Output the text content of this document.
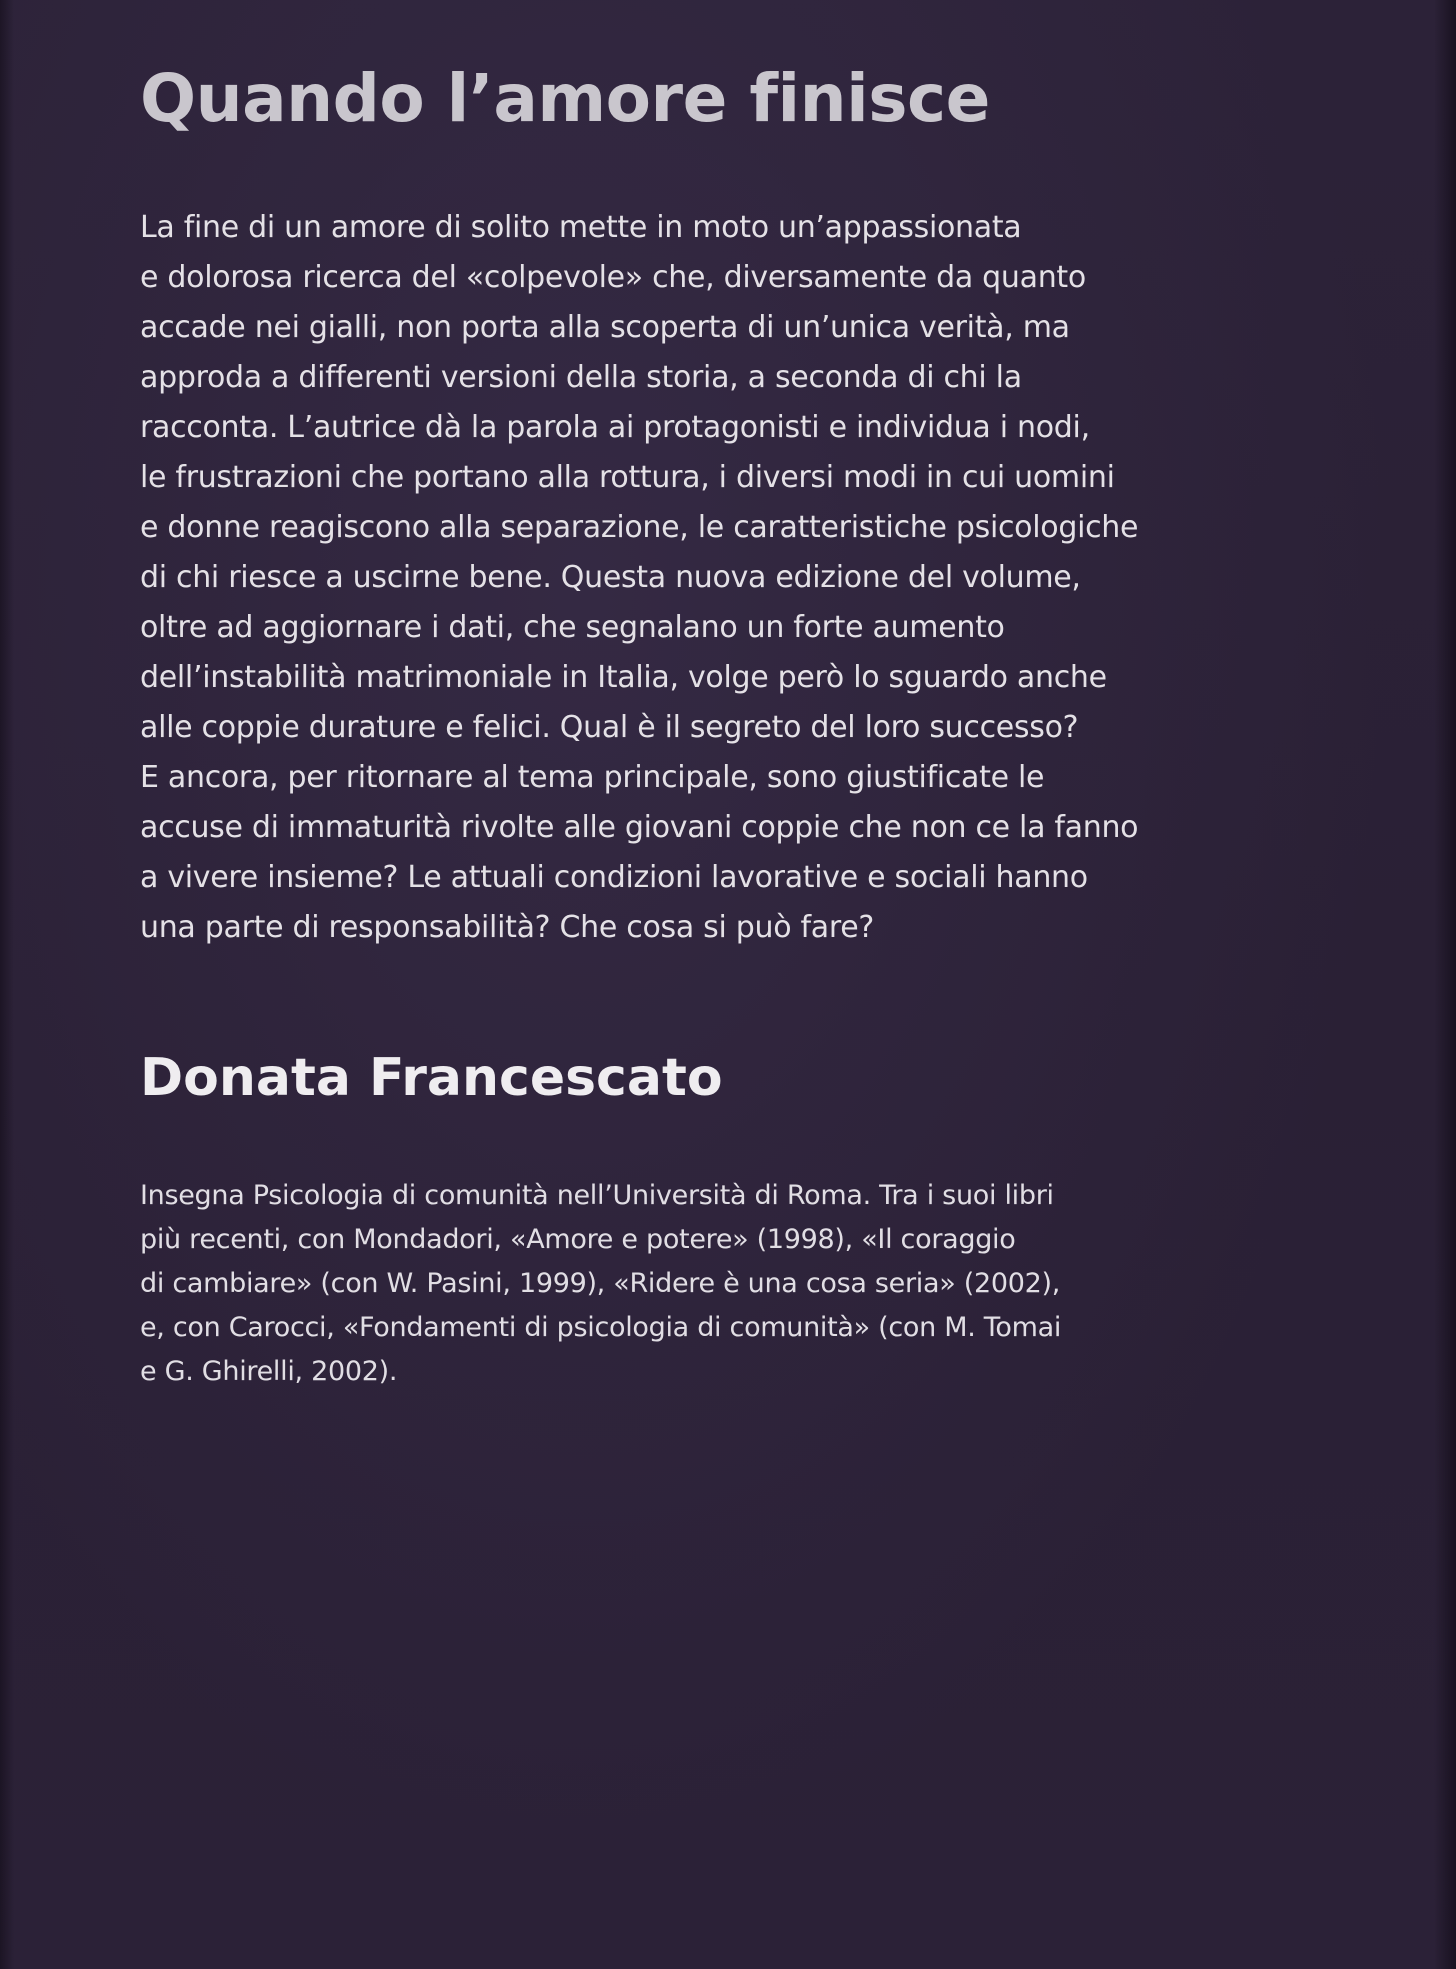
Quando l’amore finisce
La fine di un amore di solito mette in moto un’appassionata
e dolorosa ricerca del «colpevole» che, diversamente da quanto
accade nei gialli, non porta alla scoperta di un’unica verità, ma
approda a differenti versioni della storia, a seconda di chi la
racconta. L’autrice dà la parola ai protagonisti e individua i nodi,
le frustrazioni che portano alla rottura, i diversi modi in cui uomini
e donne reagiscono alla separazione, le caratteristiche psicologiche
di chi riesce a uscirne bene. Questa nuova edizione del volume,
oltre ad aggiornare i dati, che segnalano un forte aumento
dell’instabilità matrimoniale in Italia, volge però lo sguardo anche
alle coppie durature e felici. Qual è il segreto del loro successo?
E ancora, per ritornare al tema principale, sono giustificate le
accuse di immaturità rivolte alle giovani coppie che non ce la fanno
a vivere insieme? Le attuali condizioni lavorative e sociali hanno
una parte di responsabilità? Che cosa si può fare?
Donata Francescato
Insegna Psicologia di comunità nell’Università di Roma. Tra i suoi libri
più recenti, con Mondadori, «Amore e potere» (1998), «Il coraggio
di cambiare» (con W. Pasini, 1999), «Ridere è una cosa seria» (2002),
e, con Carocci, «Fondamenti di psicologia di comunità» (con M. Tomai
e G. Ghirelli, 2002).
